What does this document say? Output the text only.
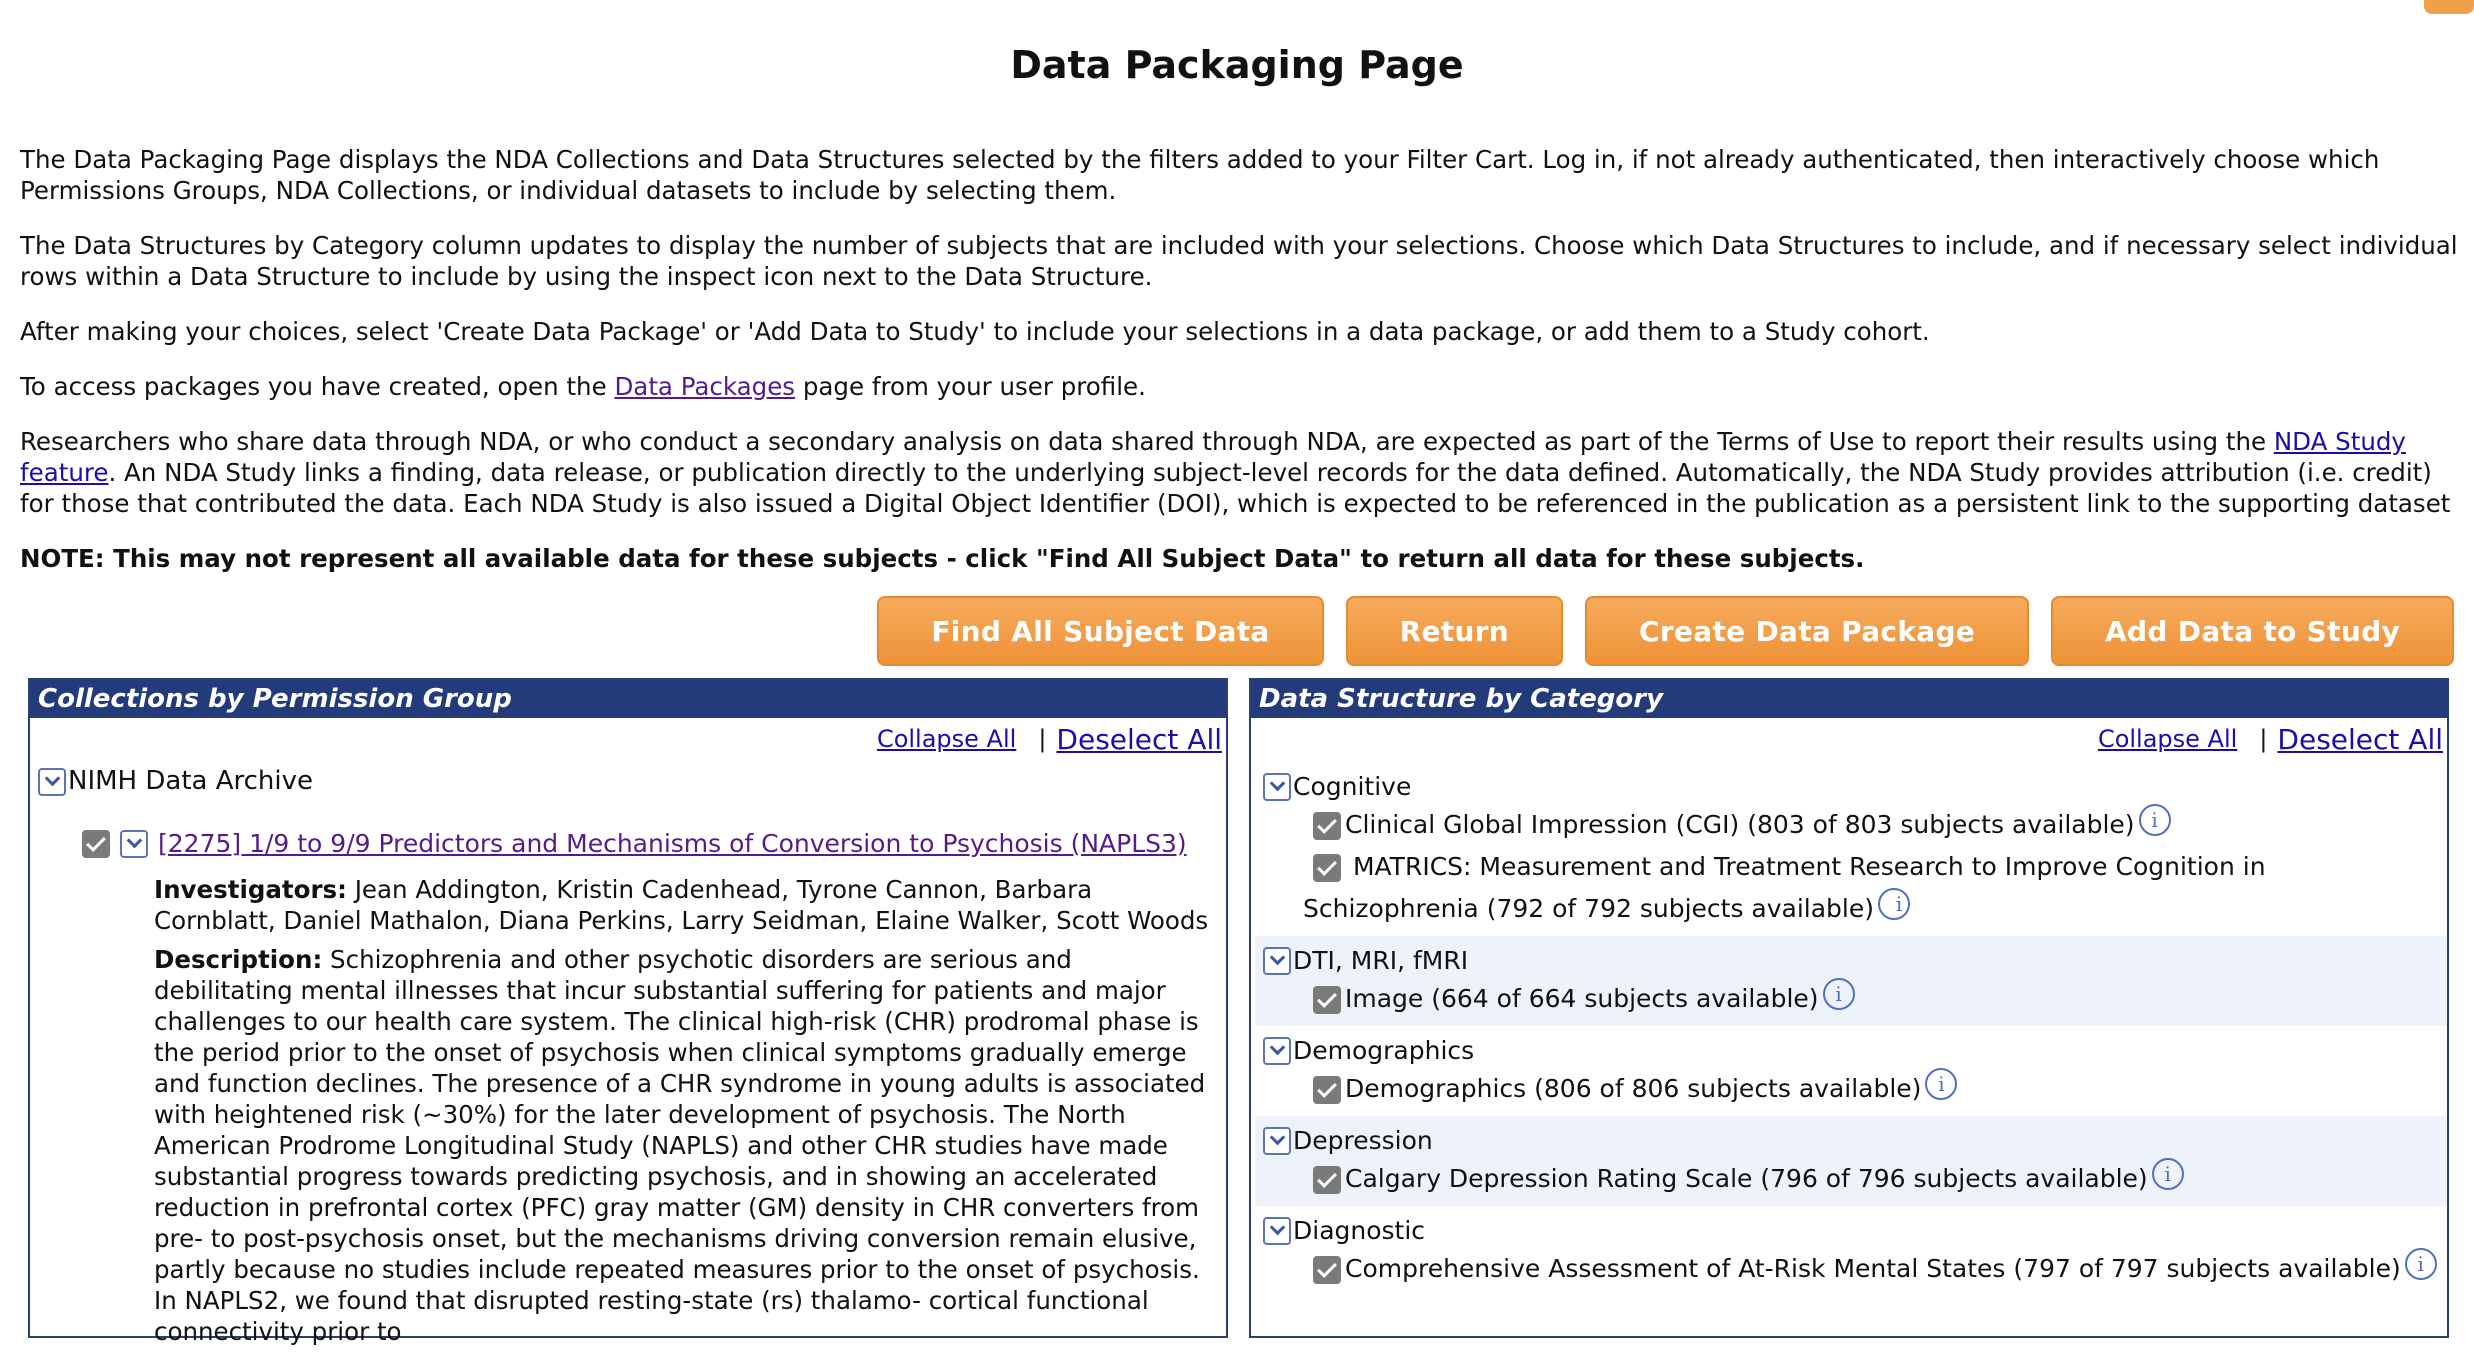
Data Packaging Page

The Data Packaging Page displays the NDA Collections and Data Structures selected by the filters added to your Filter Cart. Log in, if not already authenticated, then interactively choose which Permissions Groups, NDA Collections, or individual datasets to include by selecting them.

The Data Structures by Category column updates to display the number of subjects that are included with your selections. Choose which Data Structures to include, and if necessary select individual rows within a Data Structure to include by using the inspect icon next to the Data Structure.

After making your choices, select 'Create Data Package' or 'Add Data to Study' to include your selections in a data package, or add them to a Study cohort.

To access packages you have created, open the Data Packages page from your user profile.

Researchers who share data through NDA, or who conduct a secondary analysis on data shared through NDA, are expected as part of the Terms of Use to report their results using the NDA Study feature. An NDA Study links a finding, data release, or publication directly to the underlying subject-level records for the data defined. Automatically, the NDA Study provides attribution (i.e. credit) for those that contributed the data. Each NDA Study is also issued a Digital Object Identifier (DOI), which is expected to be referenced in the publication as a persistent link to the supporting dataset

NOTE: This may not represent all available data for these subjects - click "Find All Subject Data" to return all data for these subjects.

Find All Subject Data	Return	Create Data Package	Add Data to Study
Collections by Permission Group
Collapse All | Deselect All
NIMH Data Archive
[2275] 1/9 to 9/9 Predictors and Mechanisms of Conversion to Psychosis (NAPLS3)

Investigators: Jean Addington, Kristin Cadenhead, Tyrone Cannon, Barbara Cornblatt, Daniel Mathalon, Diana Perkins, Larry Seidman, Elaine Walker, Scott Woods

Description: Schizophrenia and other psychotic disorders are serious and debilitating mental illnesses that incur substantial suffering for patients and major challenges to our health care system. The clinical high-risk (CHR) prodromal phase is the period prior to the onset of psychosis when clinical symptoms gradually emerge and function declines. The presence of a CHR syndrome in young adults is associated with heightened risk (~30%) for the later development of psychosis. The North American Prodrome Longitudinal Study (NAPLS) and other CHR studies have made substantial progress towards predicting psychosis, and in showing an accelerated reduction in prefrontal cortex (PFC) gray matter (GM) density in CHR converters from pre- to post-psychosis onset, but the mechanisms driving conversion remain elusive, partly because no studies include repeated measures prior to the onset of psychosis. In NAPLS2, we found that disrupted resting-state (rs) thalamo- cortical functional connectivity prior to

Data Structure by Category
Collapse All | Deselect All
Cognitive
Clinical Global Impression (CGI) (803 of 803 subjects available) i
MATRICS: Measurement and Treatment Research to Improve Cognition in Schizophrenia (792 of 792 subjects available) i
DTI, MRI, fMRI
Image (664 of 664 subjects available) i
Demographics
Demographics (806 of 806 subjects available) i
Depression
Calgary Depression Rating Scale (796 of 796 subjects available) i
Diagnostic
Comprehensive Assessment of At-Risk Mental States (797 of 797 subjects available) i
